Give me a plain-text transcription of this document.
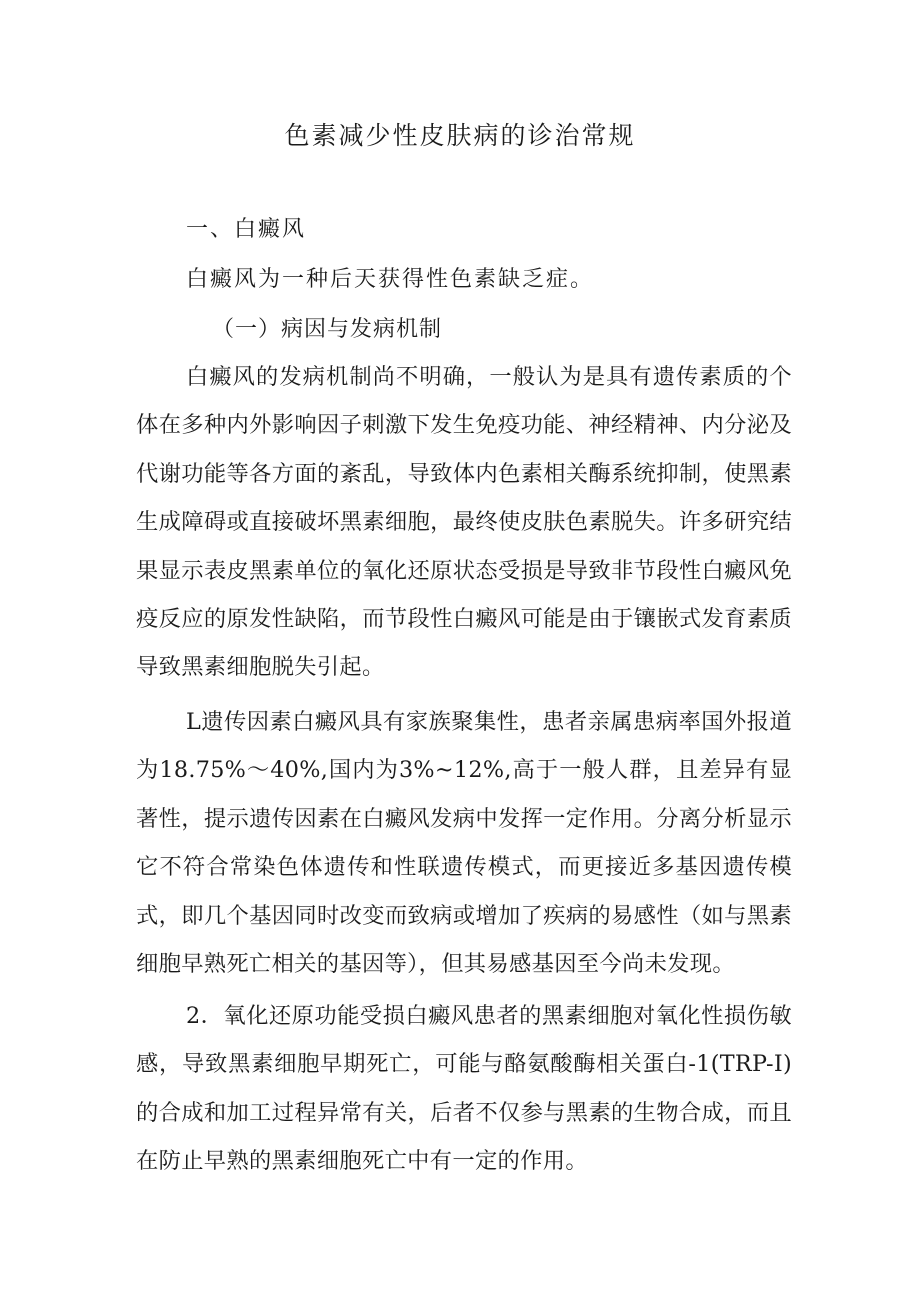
色素减少性皮肤病的诊治常规
一、白癜风
白癜风为一种后天获得性色素缺乏症。
（一）病因与发病机制
白癜风的发病机制尚不明确，一般认为是具有遗传素质的个体在多种内外影响因子刺激下发生免疫功能、神经精神、内分泌及代谢功能等各方面的紊乱，导致体内色素相关酶系统抑制，使黑素生成障碍或直接破坏黑素细胞，最终使皮肤色素脱失。许多研究结果显示表皮黑素单位的氧化还原状态受损是导致非节段性白癜风免疫反应的原发性缺陷，而节段性白癜风可能是由于镶嵌式发育素质导致黑素细胞脱失引起。
L遗传因素白癜风具有家族聚集性，患者亲属患病率国外报道为18.75%～40%,国内为3%~12%,高于一般人群，且差异有显著性，提示遗传因素在白癜风发病中发挥一定作用。分离分析显示它不符合常染色体遗传和性联遗传模式，而更接近多基因遗传模式，即几个基因同时改变而致病或增加了疾病的易感性（如与黑素细胞早熟死亡相关的基因等），但其易感基因至今尚未发现。
2．氧化还原功能受损白癜风患者的黑素细胞对氧化性损伤敏感，导致黑素细胞早期死亡，可能与酪氨酸酶相关蛋白-1(TRP-I)的合成和加工过程异常有关，后者不仅参与黑素的生物合成，而且在防止早熟的黑素细胞死亡中有一定的作用。
